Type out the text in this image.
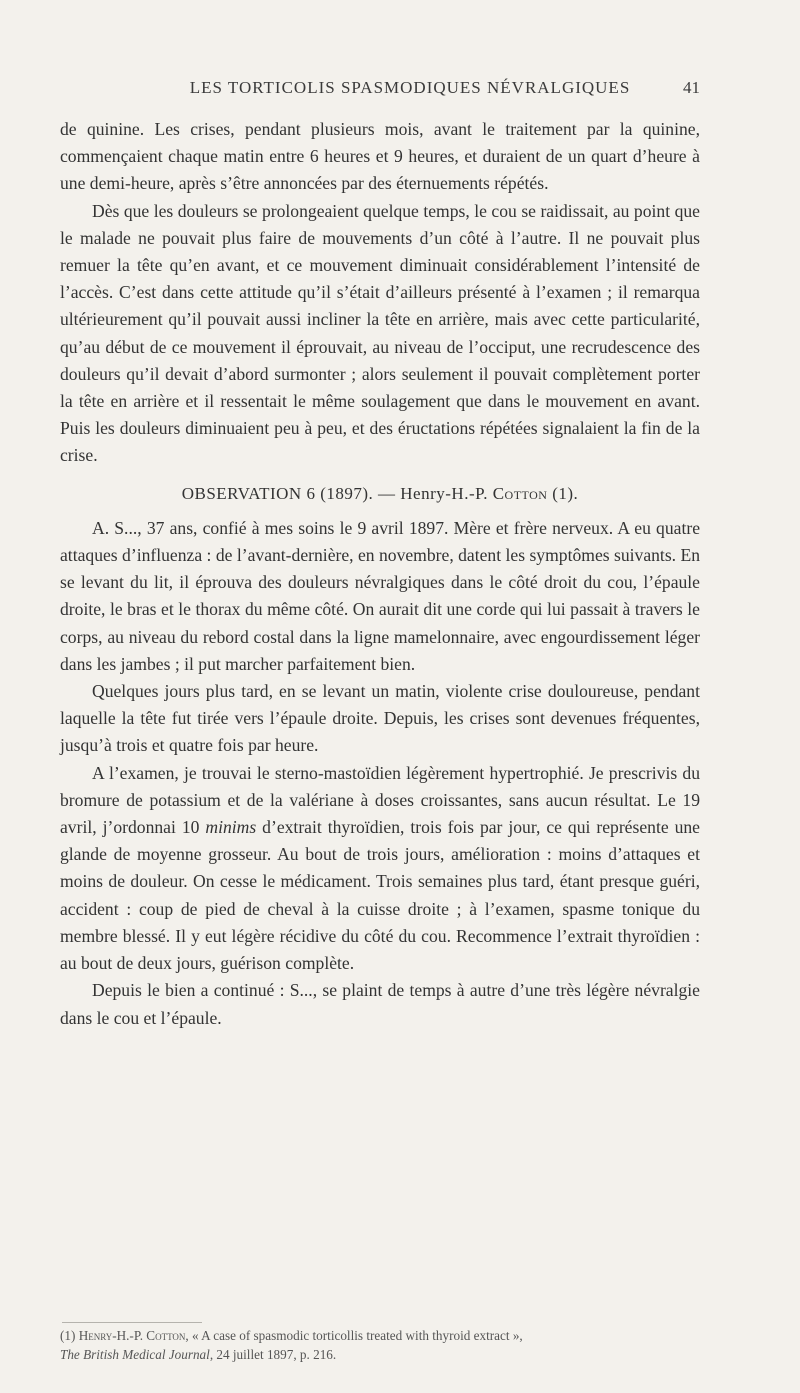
LES TORTICOLIS SPASMODIQUES NÉVRALGIQUES	41

de quinine. Les crises, pendant plusieurs mois, avant le traitement par la quinine, commençaient chaque matin entre 6 heures et 9 heures, et duraient de un quart d’heure à une demi-heure, après s’être annoncées par des éternuements répétés.

Dès que les douleurs se prolongeaient quelque temps, le cou se raidissait, au point que le malade ne pouvait plus faire de mouvements d’un côté à l’autre. Il ne pouvait plus remuer la tête qu’en avant, et ce mouvement diminuait considérablement l’intensité de l’accès. C’est dans cette attitude qu’il s’était d’ailleurs présenté à l’examen ; il remarqua ultérieurement qu’il pouvait aussi incliner la tête en arrière, mais avec cette particularité, qu’au début de ce mouvement il éprouvait, au niveau de l’occiput, une recrudescence des douleurs qu’il devait d’abord surmonter ; alors seulement il pouvait complètement porter la tête en arrière et il ressentait le même soulagement que dans le mouvement en avant. Puis les douleurs diminuaient peu à peu, et des éructations répétées signalaient la fin de la crise.

OBSERVATION 6 (1897). — Henry-H.-P. Cotton (1).

A. S..., 37 ans, confié à mes soins le 9 avril 1897. Mère et frère nerveux. A eu quatre attaques d’influenza : de l’avant-dernière, en novembre, datent les symptômes suivants. En se levant du lit, il éprouva des douleurs névralgiques dans le côté droit du cou, l’épaule droite, le bras et le thorax du même côté. On aurait dit une corde qui lui passait à travers le corps, au niveau du rebord costal dans la ligne mamelonnaire, avec engourdissement léger dans les jambes ; il put marcher parfaitement bien.

Quelques jours plus tard, en se levant un matin, violente crise douloureuse, pendant laquelle la tête fut tirée vers l’épaule droite. Depuis, les crises sont devenues fréquentes, jusqu’à trois et quatre fois par heure.

A l’examen, je trouvai le sterno-mastoïdien légèrement hypertrophié. Je prescrivis du bromure de potassium et de la valériane à doses croissantes, sans aucun résultat. Le 19 avril, j’ordonnai 10 minims d’extrait thyroïdien, trois fois par jour, ce qui représente une glande de moyenne grosseur. Au bout de trois jours, amélioration : moins d’attaques et moins de douleur. On cesse le médicament. Trois semaines plus tard, étant presque guéri, accident : coup de pied de cheval à la cuisse droite ; à l’examen, spasme tonique du membre blessé. Il y eut légère récidive du côté du cou. Recommence l’extrait thyroïdien : au bout de deux jours, guérison complète.

Depuis le bien a continué : S..., se plaint de temps à autre d’une très légère névralgie dans le cou et l’épaule.

(1) Henry-H.-P. Cotton, « A case of spasmodic torticollis treated with thyroid extract »,
The British Medical Journal, 24 juillet 1897, p. 216.
